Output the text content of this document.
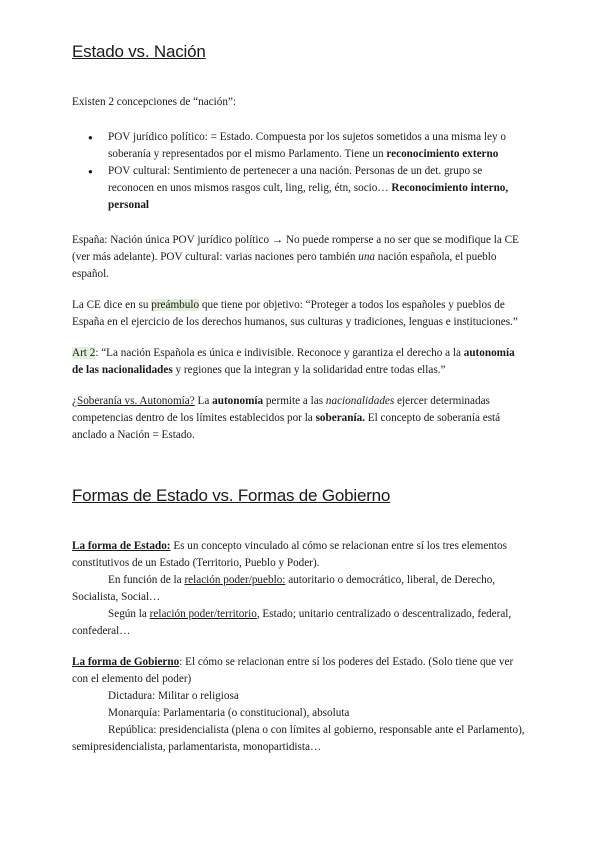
Estado vs. Nación

Existen 2 concepciones de “nación”:

● POV jurídico político: = Estado. Compuesta por los sujetos sometidos a una misma ley o soberanía y representados por el mismo Parlamento. Tiene un reconocimiento externo
● POV cultural: Sentimiento de pertenecer a una nación. Personas de un det. grupo se reconocen en unos mismos rasgos cult, ling, relig, étn, socio… Reconocimiento interno, personal

España: Nación única POV jurídico político → No puede romperse a no ser que se modifique la CE (ver más adelante). POV cultural: varias naciones pero también una nación española, el pueblo español.

La CE dice en su preámbulo que tiene por objetivo: “Proteger a todos los españoles y pueblos de España en el ejercicio de los derechos humanos, sus culturas y tradiciones, lenguas e instituciones.”

Art 2: “La nación Española es única e indivisible. Reconoce y garantiza el derecho a la autonomía de las nacionalidades y regiones que la integran y la solidaridad entre todas ellas.”

¿Soberanía vs. Autonomía? La autonomía permite a las nacionalidades ejercer determinadas competencias dentro de los límites establecidos por la soberanía. El concepto de soberanía está anclado a Nación = Estado.

Formas de Estado vs. Formas de Gobierno

La forma de Estado: Es un concepto vinculado al cómo se relacionan entre sí los tres elementos constitutivos de un Estado (Territorio, Pueblo y Poder).

En función de la relación poder/pueblo: autoritario o democrático, liberal, de Derecho, Socialista, Social…

Según la relación poder/territorio, Estado; unitario centralizado o descentralizado, federal, confederal…

La forma de Gobierno: El cómo se relacionan entre sí los poderes del Estado. (Solo tiene que ver con el elemento del poder)

Dictadura: Militar o religiosa

Monarquía: Parlamentaria (o constitucional), absoluta

República: presidencialista (plena o con límites al gobierno, responsable ante el Parlamento), semipresidencialista, parlamentarista, monopartidista…
